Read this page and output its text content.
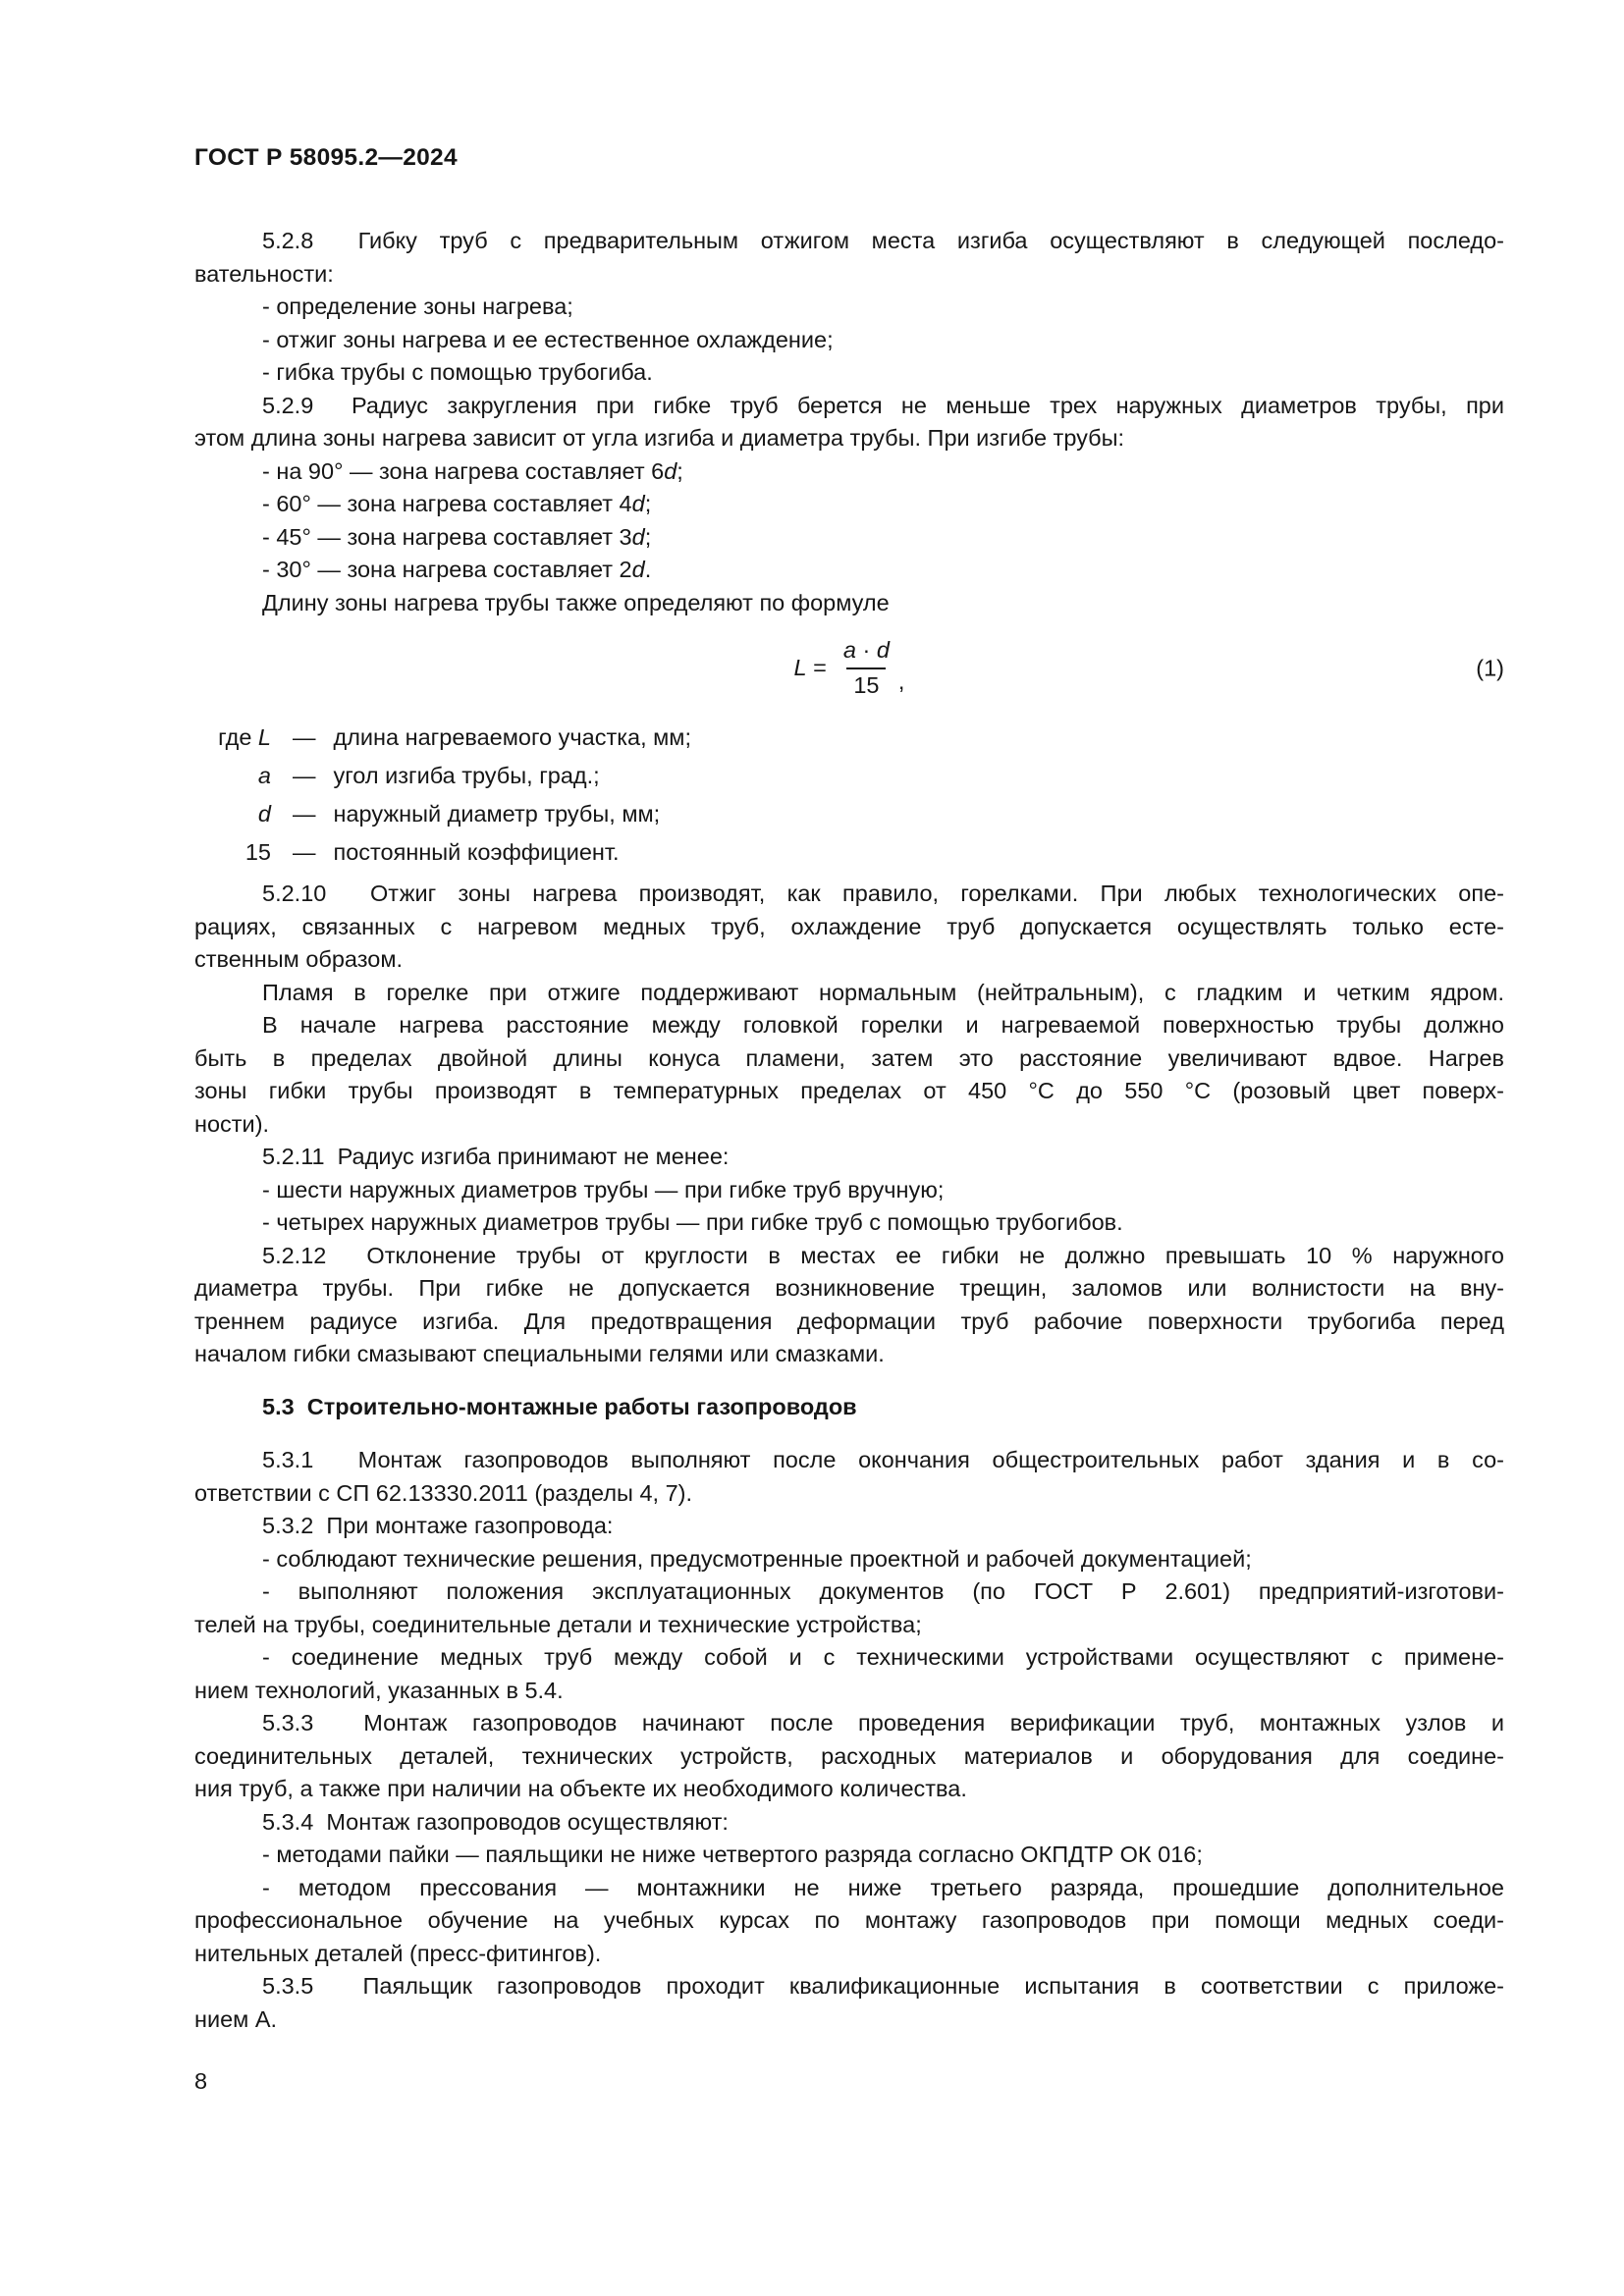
ГОСТ Р 58095.2—2024
5.2.8  Гибку труб с предварительным отжигом места изгиба осуществляют в следующей последо-
вательности:
- определение зоны нагрева;
- отжиг зоны нагрева и ее естественное охлаждение;
- гибка трубы с помощью трубогиба.
5.2.9  Радиус закругления при гибке труб берется не меньше трех наружных диаметров трубы, при
этом длина зоны нагрева зависит от угла изгиба и диаметра трубы. При изгибе трубы:
- на 90° — зона нагрева составляет 6d;
- 60° — зона нагрева составляет 4d;
- 45° — зона нагрева составляет 3d;
- 30° — зона нагрева составляет 2d.
Длину зоны нагрева трубы также определяют по формуле
$L = \frac{a \cdot d}{15}$ ,
(1)
где L — длина нагреваемого участка, мм;
a — угол изгиба трубы, град.;
d — наружный диаметр трубы, мм;
15 — постоянный коэффициент.
5.2.10  Отжиг зоны нагрева производят, как правило, горелками. При любых технологических опе-
рациях, связанных с нагревом медных труб, охлаждение труб допускается осуществлять только есте-
ственным образом.
Пламя в горелке при отжиге поддерживают нормальным (нейтральным), с гладким и четким ядром.
В начале нагрева расстояние между головкой горелки и нагреваемой поверхностью трубы должно
быть в пределах двойной длины конуса пламени, затем это расстояние увеличивают вдвое. Нагрев
зоны гибки трубы производят в температурных пределах от 450 °С до 550 °С (розовый цвет поверх-
ности).
5.2.11  Радиус изгиба принимают не менее:
- шести наружных диаметров трубы — при гибке труб вручную;
- четырех наружных диаметров трубы — при гибке труб с помощью трубогибов.
5.2.12  Отклонение трубы от круглости в местах ее гибки не должно превышать 10 % наружного
диаметра трубы. При гибке не допускается возникновение трещин, заломов или волнистости на вну-
треннем радиусе изгиба. Для предотвращения деформации труб рабочие поверхности трубогиба перед
началом гибки смазывают специальными гелями или смазками.
5.3  Строительно-монтажные работы газопроводов
5.3.1  Монтаж газопроводов выполняют после окончания общестроительных работ здания и в со-
ответствии с СП 62.13330.2011 (разделы 4, 7).
5.3.2  При монтаже газопровода:
- соблюдают технические решения, предусмотренные проектной и рабочей документацией;
- выполняют положения эксплуатационных документов (по ГОСТ Р 2.601) предприятий-изготови-
телей на трубы, соединительные детали и технические устройства;
- соединение медных труб между собой и с техническими устройствами осуществляют с примене-
нием технологий, указанных в 5.4.
5.3.3  Монтаж газопроводов начинают после проведения верификации труб, монтажных узлов и
соединительных деталей, технических устройств, расходных материалов и оборудования для соедине-
ния труб, а также при наличии на объекте их необходимого количества.
5.3.4  Монтаж газопроводов осуществляют:
- методами пайки — паяльщики не ниже четвертого разряда согласно ОКПДТР ОК 016;
- методом прессования — монтажники не ниже третьего разряда, прошедшие дополнительное
профессиональное обучение на учебных курсах по монтажу газопроводов при помощи медных соеди-
нительных деталей (пресс-фитингов).
5.3.5  Паяльщик газопроводов проходит квалификационные испытания в соответствии с приложе-
нием А.
8
